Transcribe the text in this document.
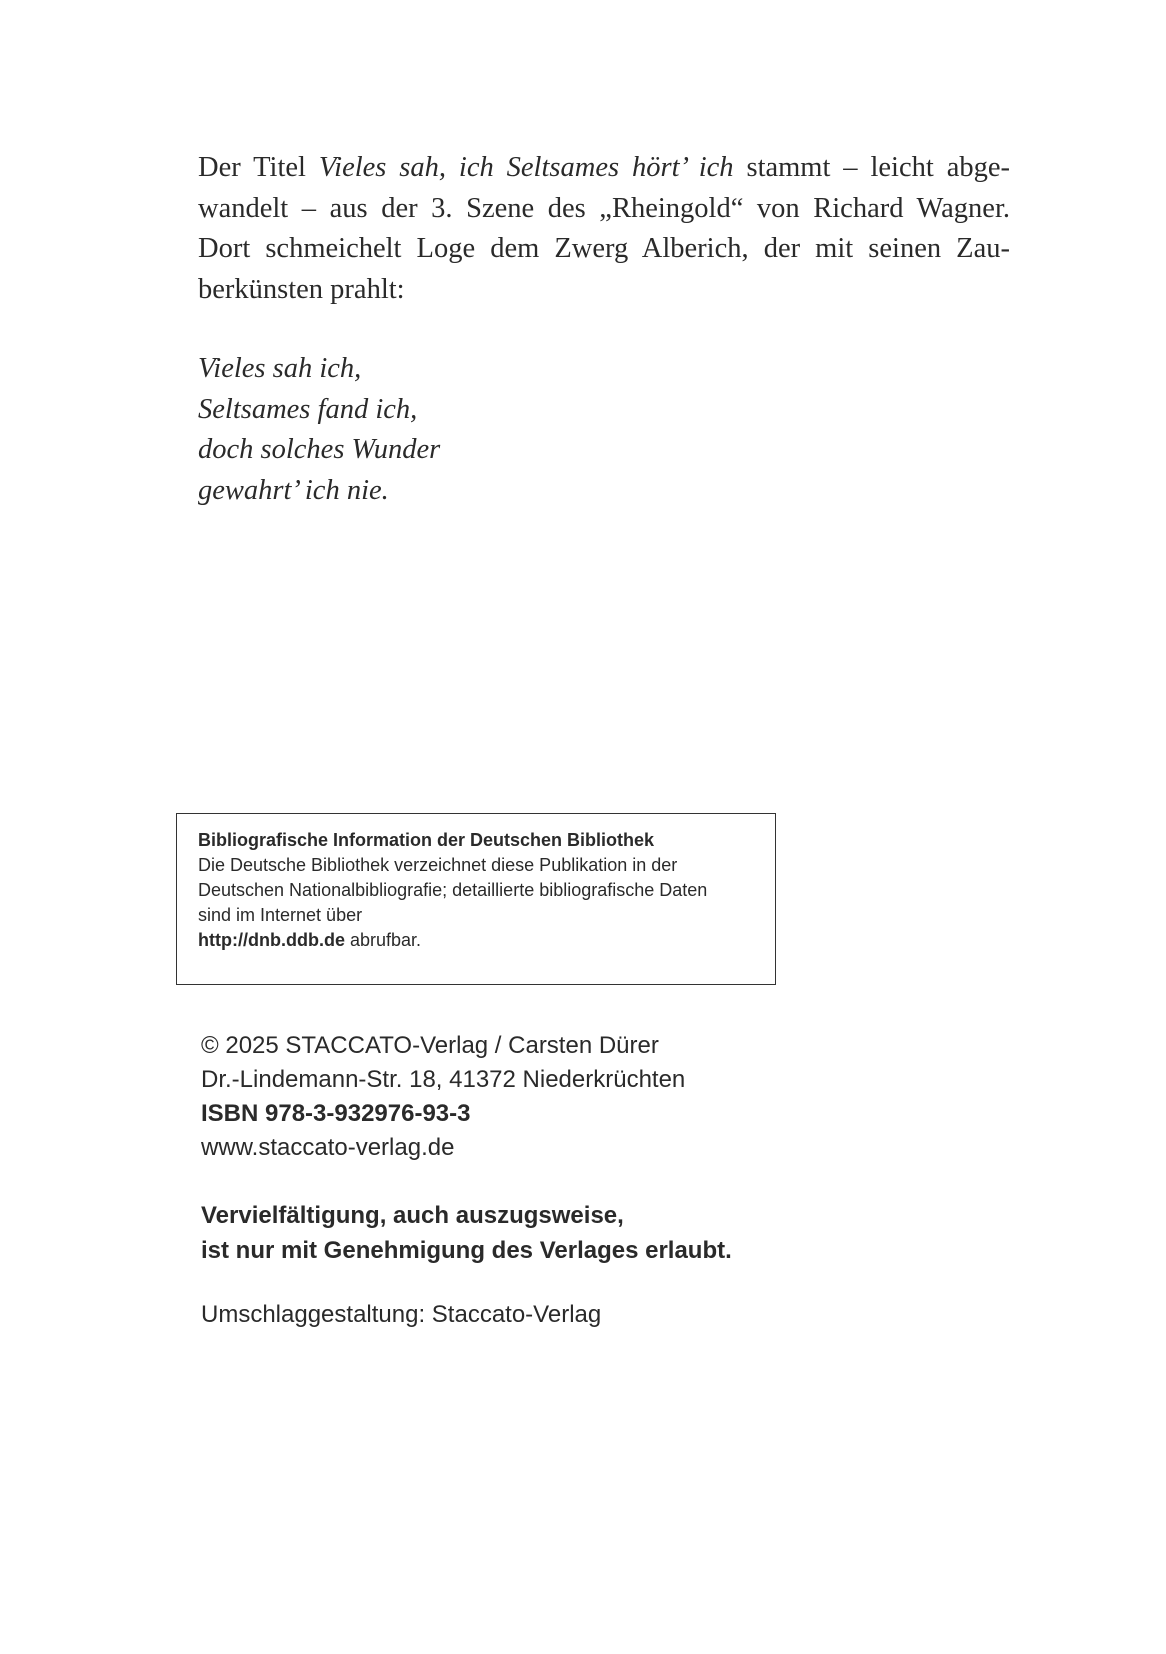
Der Titel Vieles sah, ich Seltsames hört’ ich stammt – leicht abge-
wandelt – aus der 3. Szene des „Rheingold“ von Richard Wagner.
Dort schmeichelt Loge dem Zwerg Alberich, der mit seinen Zau-
berkünsten prahlt:
Vieles sah ich,
Seltsames fand ich,
doch solches Wunder
gewahrt’ ich nie.
Bibliografische Information der Deutschen Bibliothek
Die Deutsche Bibliothek verzeichnet diese Publikation in der
Deutschen Nationalbibliografie; detaillierte bibliografische Daten
sind im Internet über
http://dnb.ddb.de abrufbar.
© 2025 STACCATO-Verlag / Carsten Dürer
Dr.-Lindemann-Str. 18, 41372 Niederkrüchten
ISBN 978-3-932976-93-3
www.staccato-verlag.de
Vervielfältigung, auch auszugsweise,
ist nur mit Genehmigung des Verlages erlaubt.
Umschlaggestaltung: Staccato-Verlag
